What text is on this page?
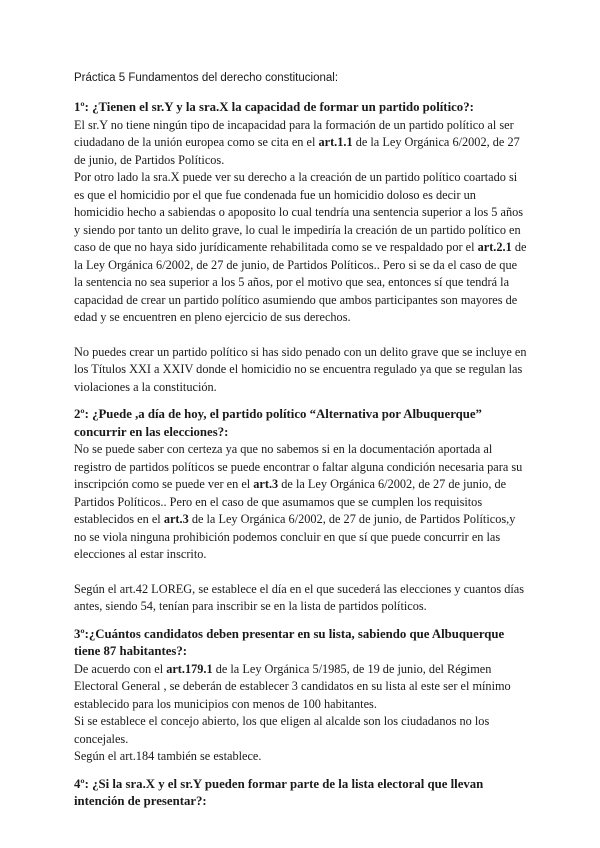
Práctica 5 Fundamentos del derecho constitucional:

1º: ¿Tienen el sr.Y y la sra.X la capacidad de formar un partido político?:

El sr.Y no tiene ningún tipo de incapacidad para la formación de un partido político al ser ciudadano de la unión europea como se cita en el art.1.1 de la Ley Orgánica 6/2002, de 27 de junio, de Partidos Políticos.

Por otro lado la sra.X puede ver su derecho a la creación de un partido político coartado si es que el homicidio por el que fue condenada fue un homicidio doloso es decir un homicidio hecho a sabiendas o apoposito lo cual tendría una sentencia superior a los 5 años y siendo por tanto un delito grave, lo cual le impediría la creación de un partido político en caso de que no haya sido jurídicamente rehabilitada como se ve respaldado por el art.2.1 de la Ley Orgánica 6/2002, de 27 de junio, de Partidos Políticos.. Pero si se da el caso de que la sentencia no sea superior a los 5 años, por el motivo que sea, entonces sí que tendrá la capacidad de crear un partido político asumiendo que ambos participantes son mayores de edad y se encuentren en pleno ejercicio de sus derechos.

No puedes crear un partido político si has sido penado con un delito grave que se incluye en los Títulos XXI a XXIV donde el homicidio no se encuentra regulado ya que se regulan las violaciones a la constitución.

2º: ¿Puede ,a día de hoy, el partido político “Alternativa por Albuquerque” concurrir en las elecciones?:

No se puede saber con certeza ya que no sabemos si en la documentación aportada al registro de partidos políticos se puede encontrar o faltar alguna condición necesaria para su inscripción como se puede ver en el art.3 de la Ley Orgánica 6/2002, de 27 de junio, de Partidos Políticos.. Pero en el caso de que asumamos que se cumplen los requisitos establecidos en el art.3 de la Ley Orgánica 6/2002, de 27 de junio, de Partidos Políticos,y no se viola ninguna prohibición podemos concluir en que sí que puede concurrir en las elecciones al estar inscrito.

Según el art.42 LOREG, se establece el día en el que sucederá las elecciones y cuantos días antes, siendo 54, tenían para inscribir se en la lista de partidos políticos.

3º:¿Cuántos candidatos deben presentar en su lista, sabiendo que Albuquerque tiene 87 habitantes?:

De acuerdo con el art.179.1 de la Ley Orgánica 5/1985, de 19 de junio, del Régimen Electoral General , se deberán de establecer 3 candidatos en su lista al este ser el mínimo establecido para los municipios con menos de 100 habitantes.

Si se establece el concejo abierto, los que eligen al alcalde son los ciudadanos no los concejales.

Según el art.184 también se establece.

4º: ¿Si la sra.X y el sr.Y pueden formar parte de la lista electoral que llevan intención de presentar?:
